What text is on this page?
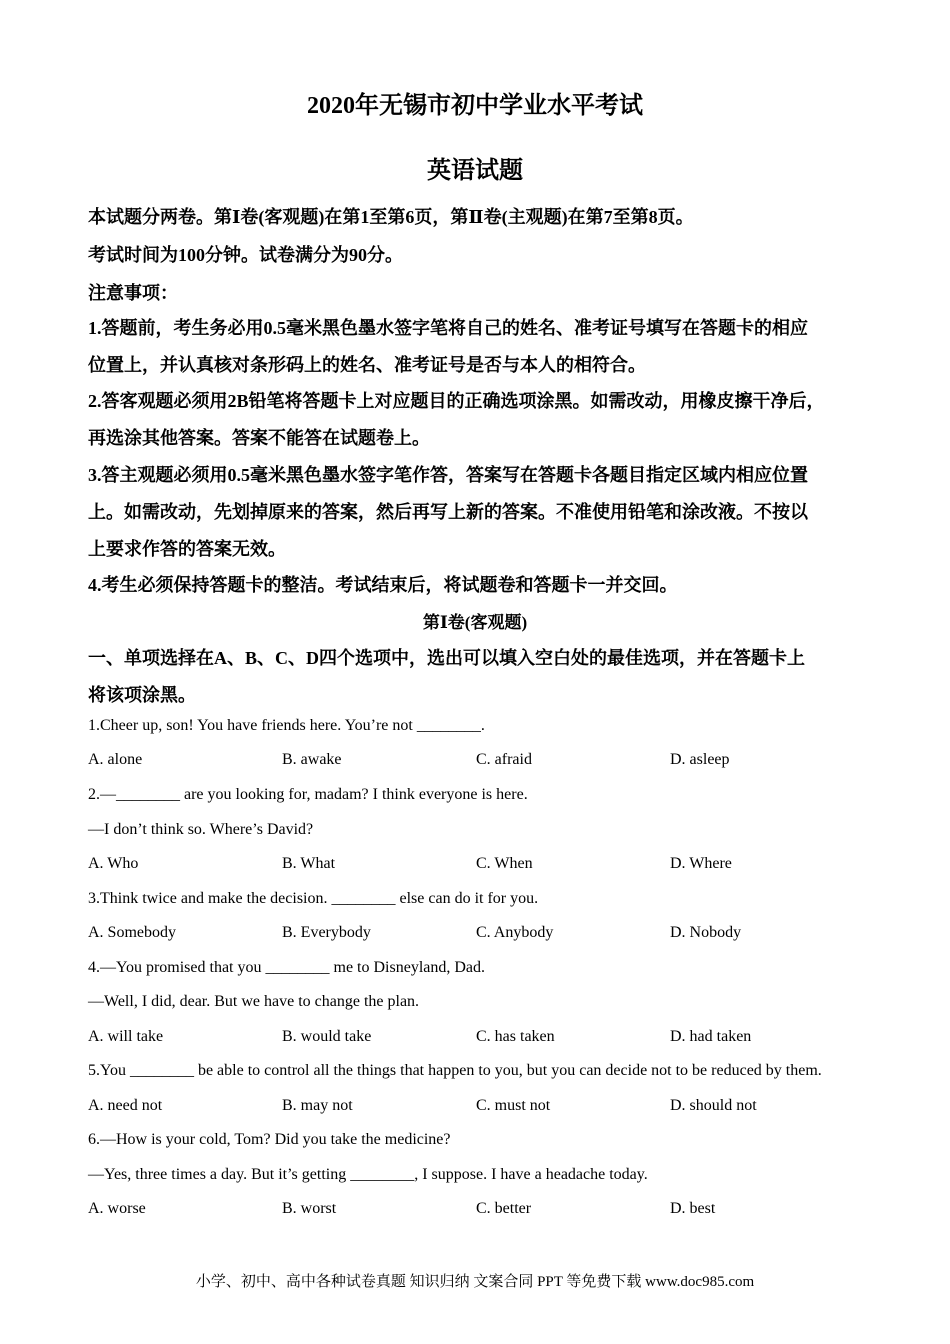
2020年无锡市初中学业水平考试
英语试题
本试题分两卷。第Ⅰ卷(客观题)在第1至第6页，第Ⅱ卷(主观题)在第7至第8页。
考试时间为100分钟。试卷满分为90分。
注意事项：
1.答题前，考生务必用0.5毫米黑色墨水签字笔将自己的姓名、准考证号填写在答题卡的相应
位置上，并认真核对条形码上的姓名、准考证号是否与本人的相符合。
2.答客观题必须用2B铅笔将答题卡上对应题目的正确选项涂黑。如需改动，用橡皮擦干净后，
再选涂其他答案。答案不能答在试题卷上。
3.答主观题必须用0.5毫米黑色墨水签字笔作答，答案写在答题卡各题目指定区域内相应位置
上。如需改动，先划掉原来的答案，然后再写上新的答案。不准使用铅笔和涂改液。不按以
上要求作答的答案无效。
4.考生必须保持答题卡的整洁。考试结束后，将试题卷和答题卡一并交回。
第Ⅰ卷(客观题)
一、单项选择在A、B、C、D四个选项中，选出可以填入空白处的最佳选项，并在答题卡上
将该项涂黑。
1.Cheer up, son! You have friends here. You’re not ________.
A. alone	B. awake	C. afraid	D. asleep
2.—________ are you looking for, madam? I think everyone is here.
—I don’t think so. Where’s David?
A. Who	B. What	C. When	D. Where
3.Think twice and make the decision. ________ else can do it for you.
A. Somebody	B. Everybody	C. Anybody	D. Nobody
4.—You promised that you ________ me to Disneyland, Dad.
—Well, I did, dear. But we have to change the plan.
A. will take	B. would take	C. has taken	D. had taken
5.You ________ be able to control all the things that happen to you, but you can decide not to be reduced by them.
A. need not	B. may not	C. must not	D. should not
6.—How is your cold, Tom? Did you take the medicine?
—Yes, three times a day. But it’s getting ________, I suppose. I have a headache today.
A. worse	B. worst	C. better	D. best
小学、初中、高中各种试卷真题 知识归纳 文案合同 PPT 等免费下载 www.doc985.com
